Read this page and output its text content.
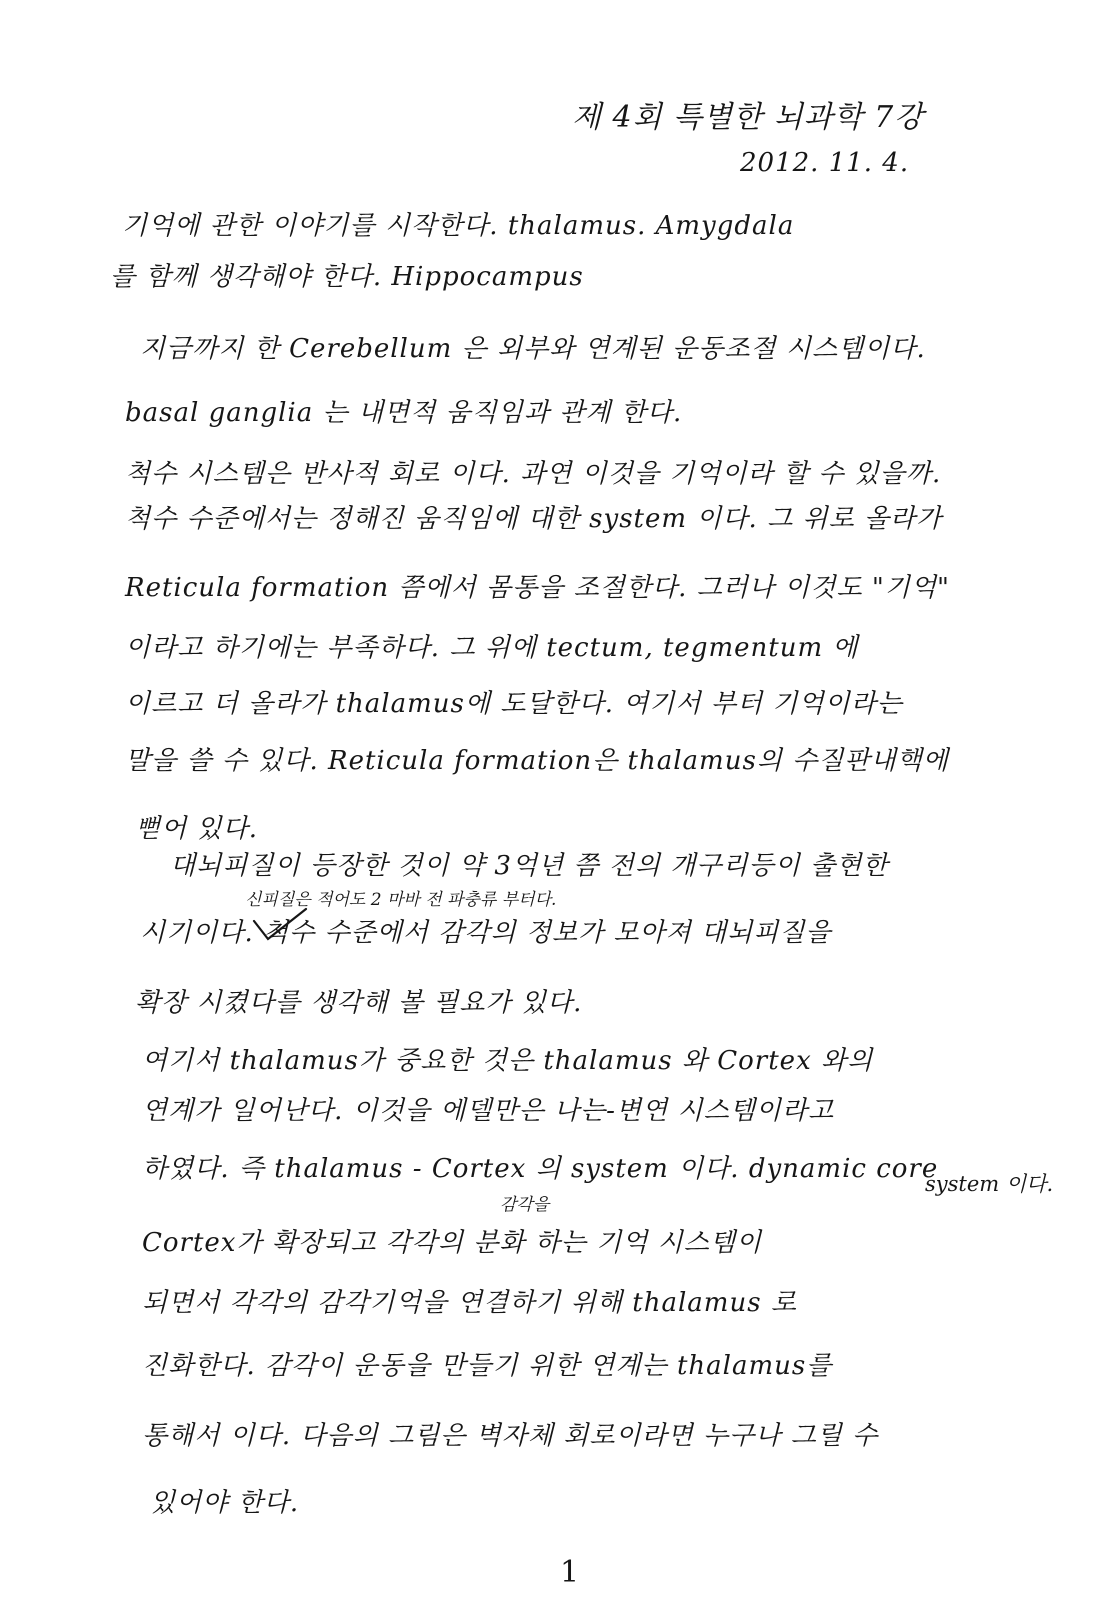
제 4회 특별한 뇌과학 7강
2012. 11. 4.
기억에 관한 이야기를 시작한다. thalamus. Amygdala
를 함께 생각해야 한다. Hippocampus
지금까지 한 Cerebellum 은 외부와 연계된 운동조절 시스템이다.
basal ganglia 는 내면적 움직임과 관계 한다.
척수 시스템은 반사적 회로 이다. 과연 이것을 기억이라 할 수 있을까.
척수 수준에서는 정해진 움직임에 대한 system 이다. 그 위로 올라가
Reticula formation 쯤에서 몸통을 조절한다. 그러나 이것도 "기억"
이라고 하기에는 부족하다. 그 위에 tectum, tegmentum 에
이르고 더 올라가 thalamus에 도달한다. 여기서 부터 기억이라는
말을 쓸 수 있다. Reticula formation은 thalamus의 수질판내핵에
뻗어 있다.
대뇌피질이 등장한 것이 약 3억년 쯤 전의 개구리등이 출현한
신피질은 적어도 2 마바 전 파충류 부터다.
시기이다. 척수 수준에서 감각의 정보가 모아져 대뇌피질을
확장 시켰다를 생각해 볼 필요가 있다.
여기서 thalamus가 중요한 것은 thalamus 와 Cortex 와의
연계가 일어난다. 이것을 에델만은 나는-변연 시스템이라고
하였다. 즉 thalamus - Cortex 의 system 이다. dynamic core
system 이다.
감각을
Cortex가 확장되고 각각의 분화 하는 기억 시스템이
되면서 각각의 감각기억을 연결하기 위해 thalamus 로
진화한다. 감각이 운동을 만들기 위한 연계는 thalamus를
통해서 이다. 다음의 그림은 벽자체 회로이라면 누구나 그릴 수
있어야 한다.
1
